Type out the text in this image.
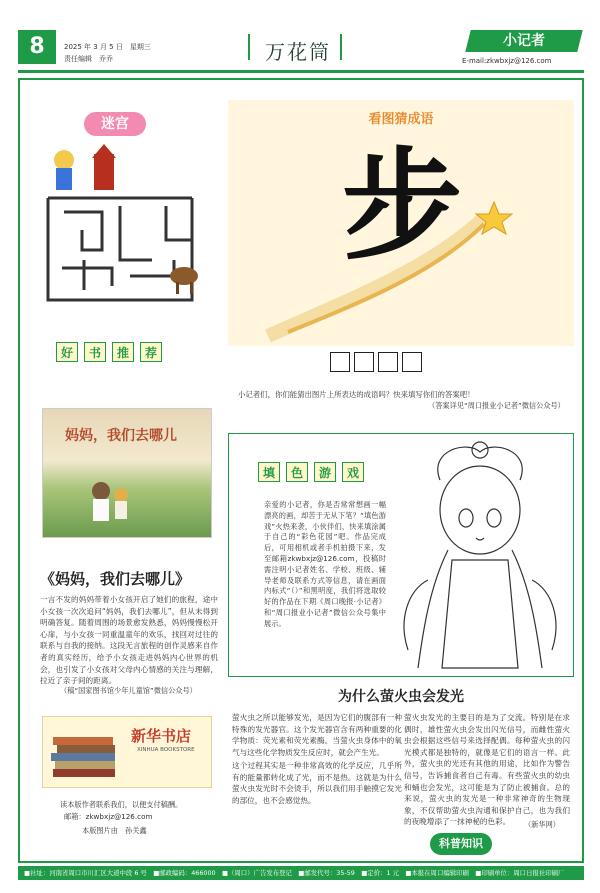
8	2025 年 3 月 5 日　星期三
责任编辑　乔乔	万花筒	小记者
E-mail:zkwbxjz@126.com
迷宫
好	书	推	荐
妈妈，我们去哪儿
《妈妈，我们去哪儿》
一言不发的妈妈带着小女孩开启了她们的旅程，途中小女孩一次次追问“妈妈，我们去哪儿”，但从未得到明确答复。随着周围的场景愈发熟悉，妈妈慢慢松开心扉，与小女孩一同重温童年的欢乐，找回对过往的联系与自我的接纳。这段无言旅程的创作灵感来自作者的真实经历，给予小女孩走进妈妈内心世界的机会，也引发了小女孩对父母内心情感的关注与理解，拉近了亲子间的距离。
（稿“国家图书馆少年儿童馆”微信公众号）
新华书店
XINHUA BOOKSTORE
读本版作者联系我们，以便支付稿酬。
邮箱：zkwbxjz@126.com
本版图片由　孙关鑫
看图猜成语
步
小记者们，你们能猜出图片上所表达的成语吗？快来填写你们的答案吧！
（答案详见“周口报业小记者”微信公众号）
填	色	游	戏
亲爱的小记者，你是否常常想画一幅漂亮的画，却苦于无从下笔？“填色游戏”火热来袭，小伙伴们，快来填涂属于自己的“彩色花园”吧。作品完成后，可用相机或者手机拍摄下来，发至邮箱zkwbxjz@126.com，投稿时需注明小记者姓名、学校、班级、辅导老师及联系方式等信息，请在画面内标式“（）”和黑明度，我们将选取较好的作品在下期《周口晚报·小记者》和“周口报业小记者”微信公众号集中展示。
为什么萤火虫会发光
萤火虫之所以能够发光，是因为它们的腹部有一种特殊的发光器官。这个发光器官含有两种重要的化学物质：荧光素和荧光素酶。当萤火虫身体中的氧气与这些化学物质发生反应时，就会产生光。
这个过程其实是一种非常高效的化学反应，几乎所有的能量都转化成了光，而不是热。这就是为什么萤火虫发光时不会烫手，所以我们用手触摸它发光的部位，也不会感觉热。
萤火虫发光的主要目的是为了交流。特别是在求偶时，雄性萤火虫会发出闪光信号，而雌性萤火虫会根据这些信号来选择配偶。每种萤火虫的闪光模式都是独特的，就像是它们的语言一样。此外，萤火虫的光还有其他的用途，比如作为警告信号，告诉捕食者自己有毒。有些萤火虫的幼虫和蛹也会发光，这可能是为了防止被捕食。总的来说，萤火虫的发光是一种非常神奇的生物现象，不仅帮助萤火虫沟通和保护自己，也为我们的夜晚增添了一抹神秘的色彩。	（新华网）
科普知识
■社址：河南省周口市川汇区大道中段 6 号　■邮政编码：466000　■（周口）广告发布登记　■邮发代号：35-59　■定价：1 元　■本报在周口编辑印刷　■印刷单位：周口日报社印刷厂
